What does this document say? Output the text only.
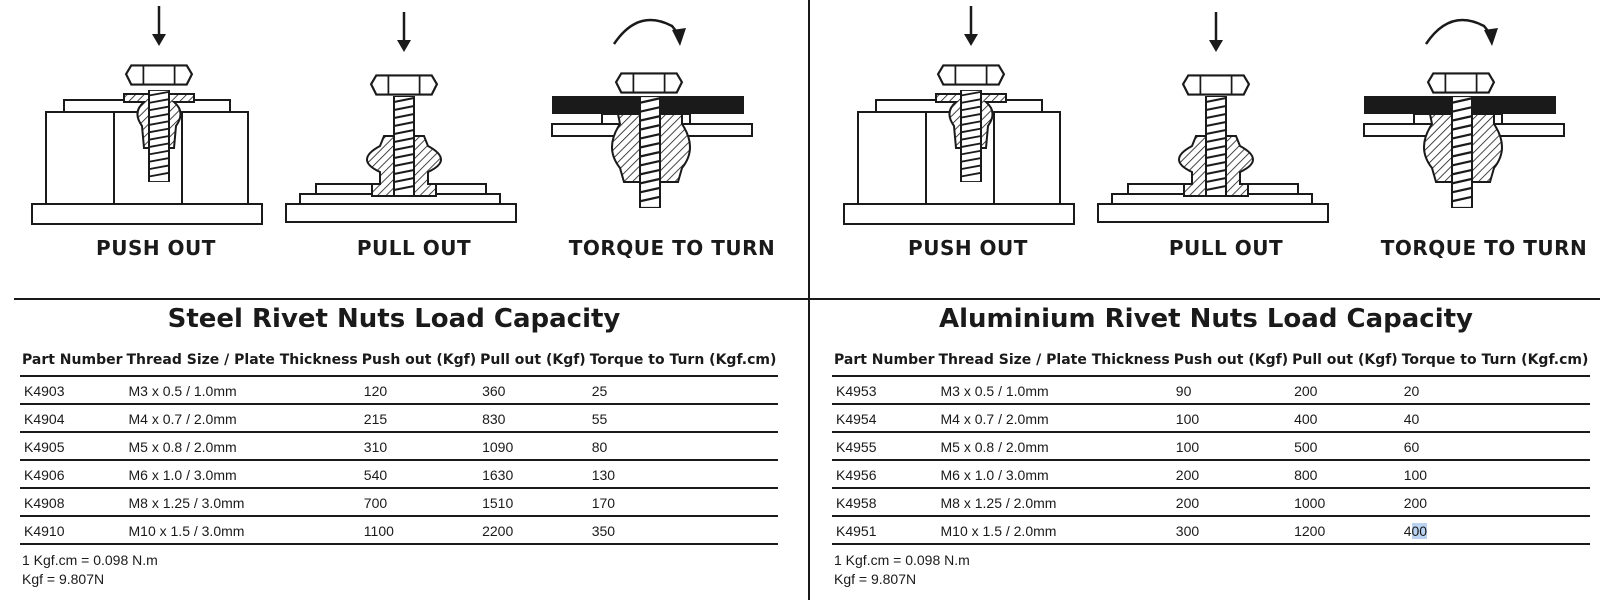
PUSH OUT	PULL OUT	TORQUE TO TURN
Steel Rivet Nuts Load Capacity
Part Number	Thread Size / Plate Thickness	Push out (Kgf)	Pull out (Kgf)	Torque to Turn (Kgf.cm)
K4903	M3 x 0.5 / 1.0mm	120	360	25
K4904	M4 x 0.7 / 2.0mm	215	830	55
K4905	M5 x 0.8 / 2.0mm	310	1090	80
K4906	M6 x 1.0 / 3.0mm	540	1630	130
K4908	M8 x 1.25 / 3.0mm	700	1510	170
K4910	M10 x 1.5 / 3.0mm	1100	2200	350
1 Kgf.cm = 0.098 N.m
Kgf = 9.807N
PUSH OUT	PULL OUT	TORQUE TO TURN
Aluminium Rivet Nuts Load Capacity
Part Number	Thread Size / Plate Thickness	Push out (Kgf)	Pull out (Kgf)	Torque to Turn (Kgf.cm)
K4953	M3 x 0.5 / 1.0mm	90	200	20
K4954	M4 x 0.7 / 2.0mm	100	400	40
K4955	M5 x 0.8 / 2.0mm	100	500	60
K4956	M6 x 1.0 / 3.0mm	200	800	100
K4958	M8 x 1.25 / 2.0mm	200	1000	200
K4951	M10 x 1.5 / 2.0mm	300	1200	400
1 Kgf.cm = 0.098 N.m
Kgf = 9.807N
